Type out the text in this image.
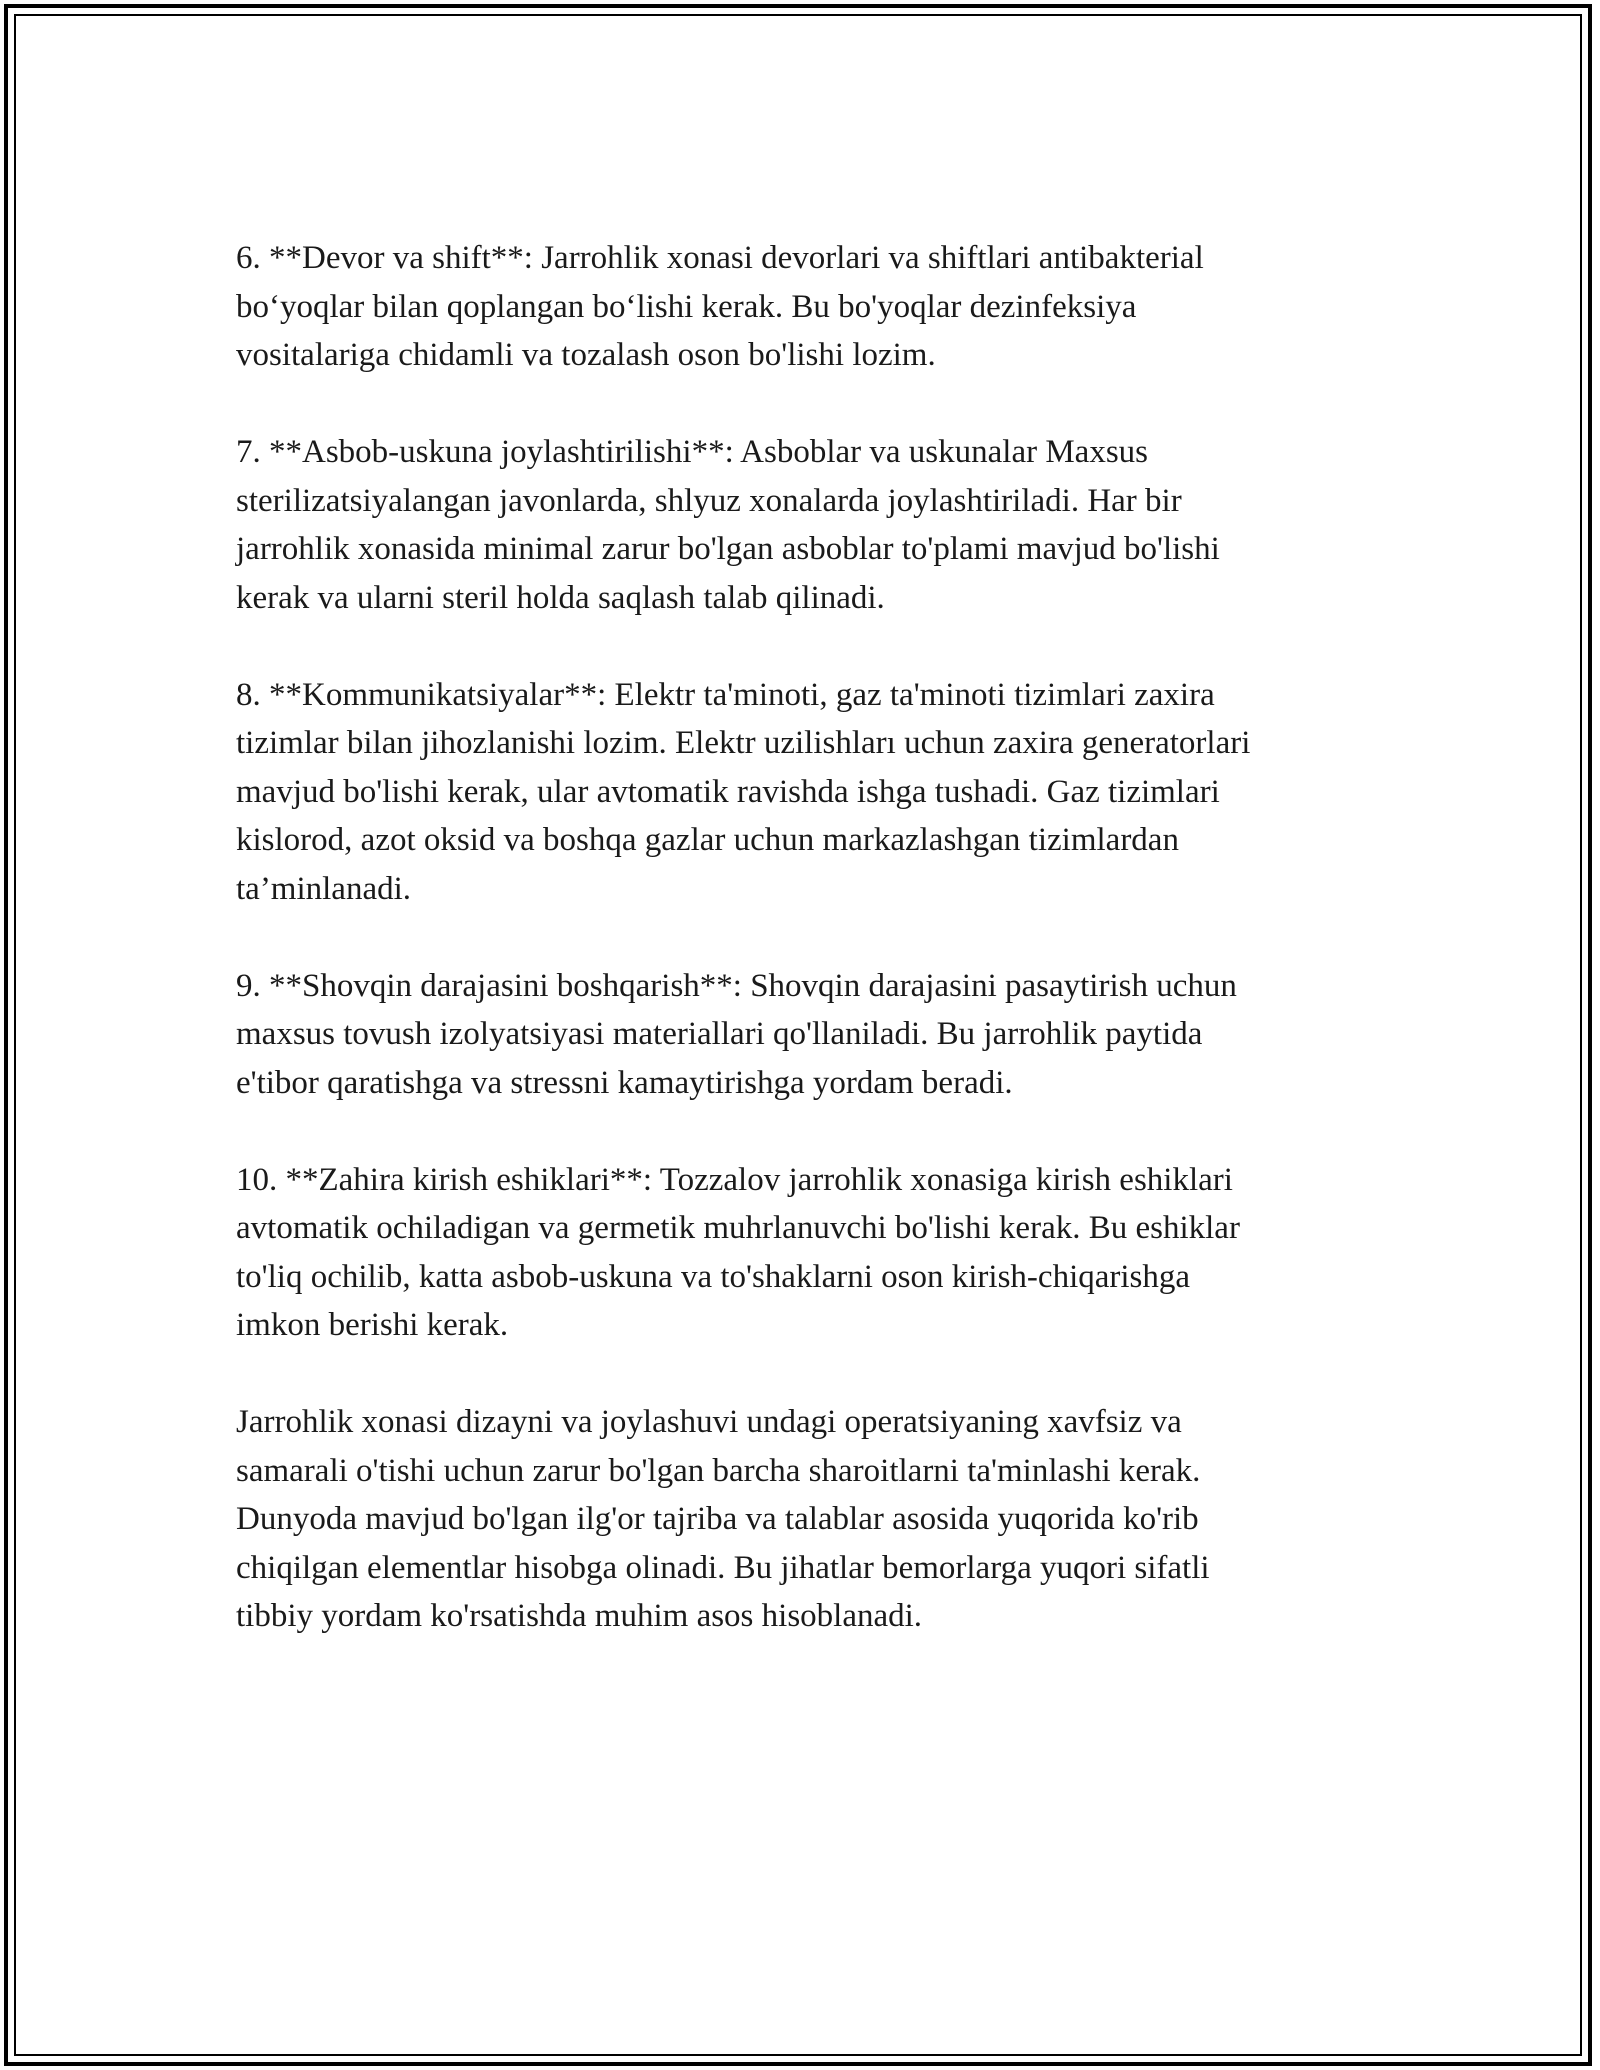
6. **Devor va shift**: Jarrohlik xonasi devorlari va shiftlari antibakterial
bo‘yoqlar bilan qoplangan bo‘lishi kerak. Bu bo'yoqlar dezinfeksiya
vositalariga chidamli va tozalash oson bo'lishi lozim.

7. **Asbob-uskuna joylashtirilishi**: Asboblar va uskunalar Maxsus
sterilizatsiyalangan javonlarda, shlyuz xonalarda joylashtiriladi. Har bir
jarrohlik xonasida minimal zarur bo'lgan asboblar to'plami mavjud bo'lishi
kerak va ularni steril holda saqlash talab qilinadi.

8. **Kommunikatsiyalar**: Elektr ta'minoti, gaz ta'minoti tizimlari zaxira
tizimlar bilan jihozlanishi lozim. Elektr uzilishları uchun zaxira generatorlari
mavjud bo'lishi kerak, ular avtomatik ravishda ishga tushadi. Gaz tizimlari
kislorod, azot oksid va boshqa gazlar uchun markazlashgan tizimlardan
ta’minlanadi.

9. **Shovqin darajasini boshqarish**: Shovqin darajasini pasaytirish uchun
maxsus tovush izolyatsiyasi materiallari qo'llaniladi. Bu jarrohlik paytida
e'tibor qaratishga va stressni kamaytirishga yordam beradi.

10. **Zahira kirish eshiklari**: Tozzalov jarrohlik xonasiga kirish eshiklari
avtomatik ochiladigan va germetik muhrlanuvchi bo'lishi kerak. Bu eshiklar
to'liq ochilib, katta asbob-uskuna va to'shaklarni oson kirish-chiqarishga
imkon berishi kerak.

Jarrohlik xonasi dizayni va joylashuvi undagi operatsiyaning xavfsiz va
samarali o'tishi uchun zarur bo'lgan barcha sharoitlarni ta'minlashi kerak.
Dunyoda mavjud bo'lgan ilg'or tajriba va talablar asosida yuqorida ko'rib
chiqilgan elementlar hisobga olinadi. Bu jihatlar bemorlarga yuqori sifatli
tibbiy yordam ko'rsatishda muhim asos hisoblanadi.
